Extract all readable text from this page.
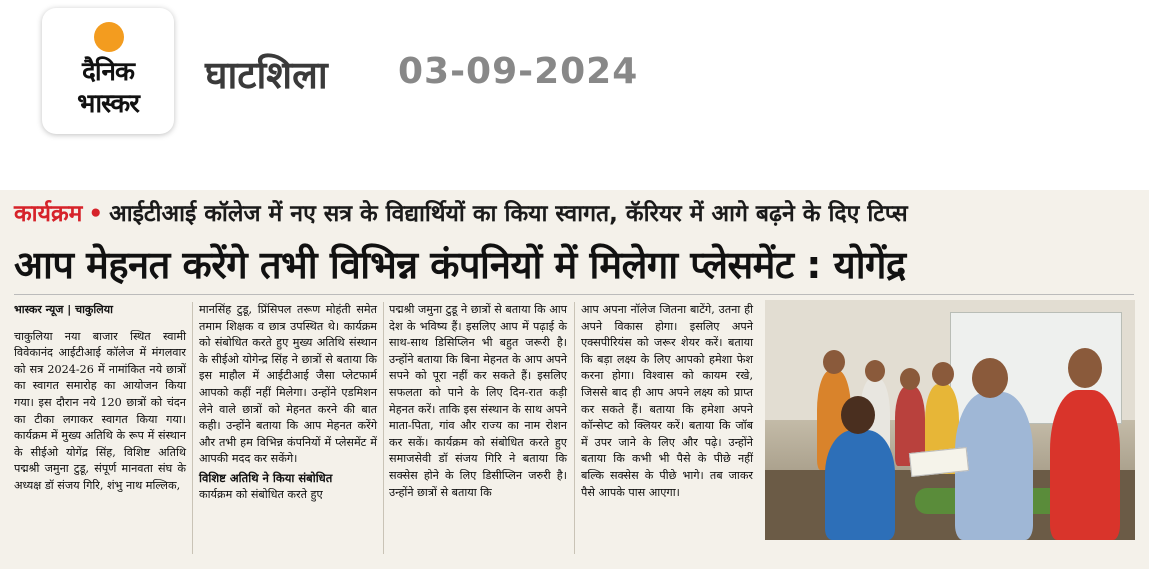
दैनिक
भास्कर
घाटशिला 03-09-2024
कार्यक्रम • आईटीआई कॉलेज में नए सत्र के विद्यार्थियों का किया स्वागत, कॅरियर में आगे बढ़ने के दिए टिप्स
आप मेहनत करेंगे तभी विभिन्न कंपनियों में मिलेगा प्लेसमेंट : योगेंद्र

भास्कर न्यूज | चाकुलिया

चाकुलिया नया बाजार स्थित स्वामी विवेकानंद आईटीआई कॉलेज में मंगलवार को सत्र 2024-26 में नामांकित नये छात्रों का स्वागत समारोह का आयोजन किया गया। इस दौरान नये 120 छात्रों को चंदन का टीका लगाकर स्वागत किया गया। कार्यक्रम में मुख्य अतिथि के रूप में संस्थान के सीईओ योगेंद्र सिंह, विशिष्ट अतिथि पद्मश्री जमुना टुडू, संपूर्ण मानवता संघ के अध्यक्ष डॉ संजय गिरि, शंभु नाथ मल्लिक,

मानसिंह टुडू, प्रिंसिपल तरूण मोहंती समेत तमाम शिक्षक व छात्र उपस्थित थे। कार्यक्रम को संबोधित करते हुए मुख्य अतिथि संस्थान के सीईओ योगेन्द्र सिंह ने छात्रों से बताया कि इस माहौल में आईटीआई जैसा प्लेटफार्म आपको कहीं नहीं मिलेगा। उन्होंने एडमिशन लेने वाले छात्रों को मेहनत करने की बात कही। उन्होंने बताया कि आप मेहनत करेंगे और तभी हम विभिन्न कंपनियों में प्लेसमेंट में आपकी मदद कर सकेंगे।

विशिष्ट अतिथि ने किया संबोधित

कार्यक्रम को संबोधित करते हुए

पद्मश्री जमुना टुडू ने छात्रों से बताया कि आप देश के भविष्य हैं। इसलिए आप में पढ़ाई के साथ-साथ डिसिप्लिन भी बहुत जरूरी है। उन्होंने बताया कि बिना मेहनत के आप अपने सपने को पूरा नहीं कर सकते हैं। इसलिए सफलता को पाने के लिए दिन-रात कड़ी मेहनत करें। ताकि इस संस्थान के साथ अपने माता-पिता, गांव और राज्य का नाम रोशन कर सकें। कार्यक्रम को संबोधित करते हुए समाजसेवी डॉ संजय गिरि ने बताया कि सक्सेस होने के लिए डिसीप्लिन जरुरी है। उन्होंने छात्रों से बताया कि

आप अपना नॉलेज जितना बाटेंगे, उतना ही अपने विकास होगा। इसलिए अपने एक्सपीरियंस को जरूर शेयर करें। बताया कि बड़ा लक्ष्य के लिए आपको हमेशा फेश करना होगा। विश्वास को कायम रखे, जिससे बाद ही आप अपने लक्ष्य को प्राप्त कर सकते हैं। बताया कि हमेशा अपने कॉन्सेप्ट को क्लियर करें। बताया कि जॉब में उपर जाने के लिए और पढ़े। उन्होंने बताया कि कभी भी पैसे के पीछे नहीं बल्कि सक्सेस के पीछे भागे। तब जाकर पैसे आपके पास आएगा।
